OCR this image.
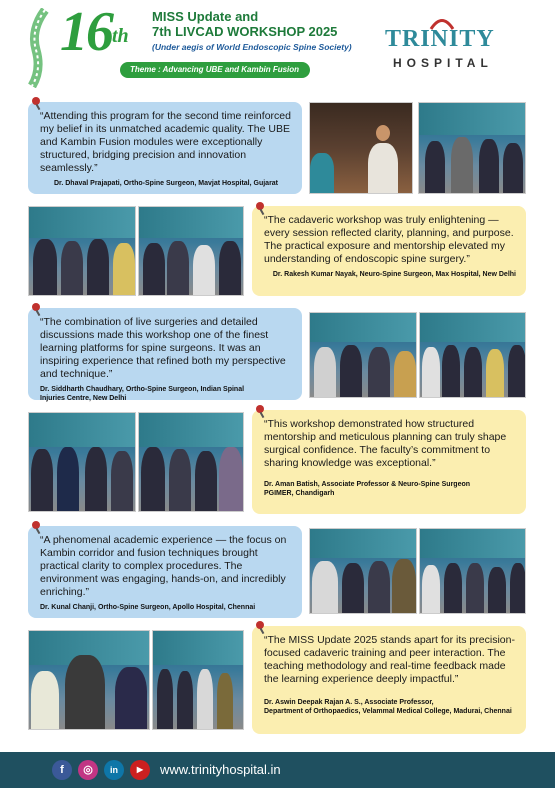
16th
MISS Update and
7th LIVCAD WORKSHOP 2025
(Under aegis of World Endoscopic Spine Society)
Theme : Advancing UBE and Kambin Fusion Frontiers
TRINITY
HOSPITAL
“Attending this program for the second time reinforced my belief in its unmatched academic quality. The UBE and Kambin Fusion modules were exceptionally structured, bridging precision and innovation seamlessly.”
Dr. Dhaval Prajapati, Ortho-Spine Surgeon, Mavjat Hospital, Gujarat
“The cadaveric workshop was truly enlightening — every session reflected clarity, planning, and purpose. The practical exposure and mentorship elevated my understanding of endoscopic spine surgery.”
Dr. Rakesh Kumar Nayak, Neuro-Spine Surgeon, Max Hospital, New Delhi
“The combination of live surgeries and detailed discussions made this workshop one of the finest learning platforms for spine surgeons. It was an inspiring experience that refined both my perspective and technique.”
Dr. Siddharth Chaudhary, Ortho-Spine Surgeon, Indian Spinal
Injuries Centre, New Delhi
“This workshop demonstrated how structured mentorship and meticulous planning can truly shape surgical confidence. The faculty’s commitment to sharing knowledge was exceptional.”
Dr. Aman Batish, Associate Professor & Neuro-Spine Surgeon
PGIMER, Chandigarh
“A phenomenal academic experience — the focus on Kambin corridor and fusion techniques brought practical clarity to complex procedures. The environment was engaging, hands-on, and incredibly enriching.”
Dr. Kunal Chanji, Ortho-Spine Surgeon, Apollo Hospital, Chennai
“The MISS Update 2025 stands apart for its precision-focused cadaveric training and peer interaction. The teaching methodology and real-time feedback made the learning experience deeply impactful.”
Dr. Aswin Deepak Rajan A. S., Associate Professor,
Department of Orthopaedics, Velammal Medical College, Madurai, Chennai
f	◎	in	▶	www.trinityhospital.in
